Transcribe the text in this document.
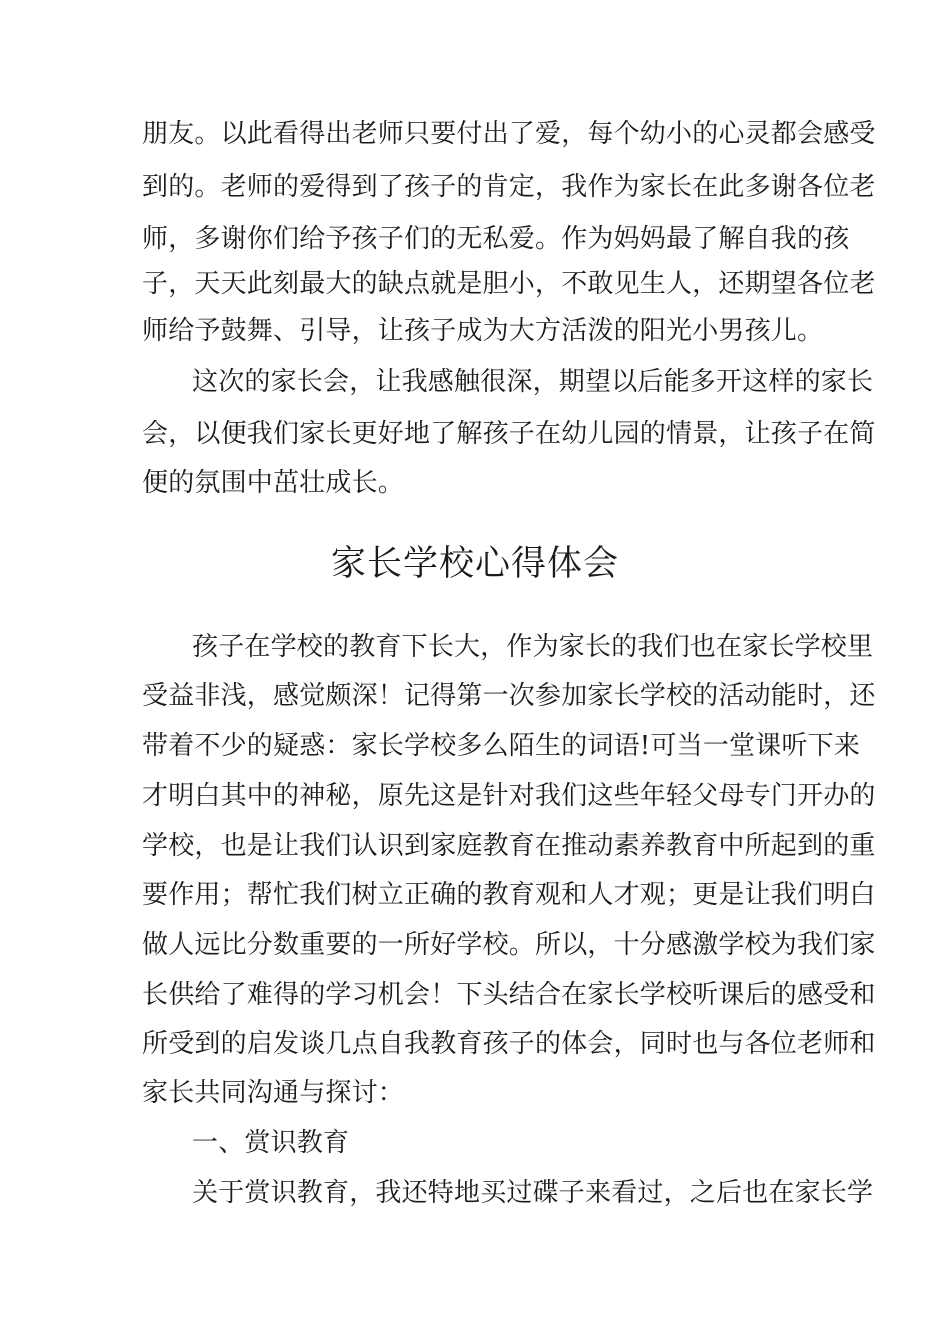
朋友。以此看得出老师只要付出了爱，每个幼小的心灵都会感受
到的。老师的爱得到了孩子的肯定，我作为家长在此多谢各位老
师，多谢你们给予孩子们的无私爱。作为妈妈最了解自我的孩
子，天天此刻最大的缺点就是胆小，不敢见生人，还期望各位老
师给予鼓舞、引导，让孩子成为大方活泼的阳光小男孩儿。
这次的家长会，让我感触很深，期望以后能多开这样的家长
会，以便我们家长更好地了解孩子在幼儿园的情景，让孩子在简
便的氛围中茁壮成长。
家长学校心得体会
孩子在学校的教育下长大，作为家长的我们也在家长学校里
受益非浅，感觉颇深！记得第一次参加家长学校的活动能时，还
带着不少的疑惑：家长学校多么陌生的词语!可当一堂课听下来
才明白其中的神秘，原先这是针对我们这些年轻父母专门开办的
学校，也是让我们认识到家庭教育在推动素养教育中所起到的重
要作用；帮忙我们树立正确的教育观和人才观；更是让我们明白
做人远比分数重要的一所好学校。所以，十分感激学校为我们家
长供给了难得的学习机会！下头结合在家长学校听课后的感受和
所受到的启发谈几点自我教育孩子的体会，同时也与各位老师和
家长共同沟通与探讨：
一、赏识教育
关于赏识教育，我还特地买过碟子来看过，之后也在家长学
